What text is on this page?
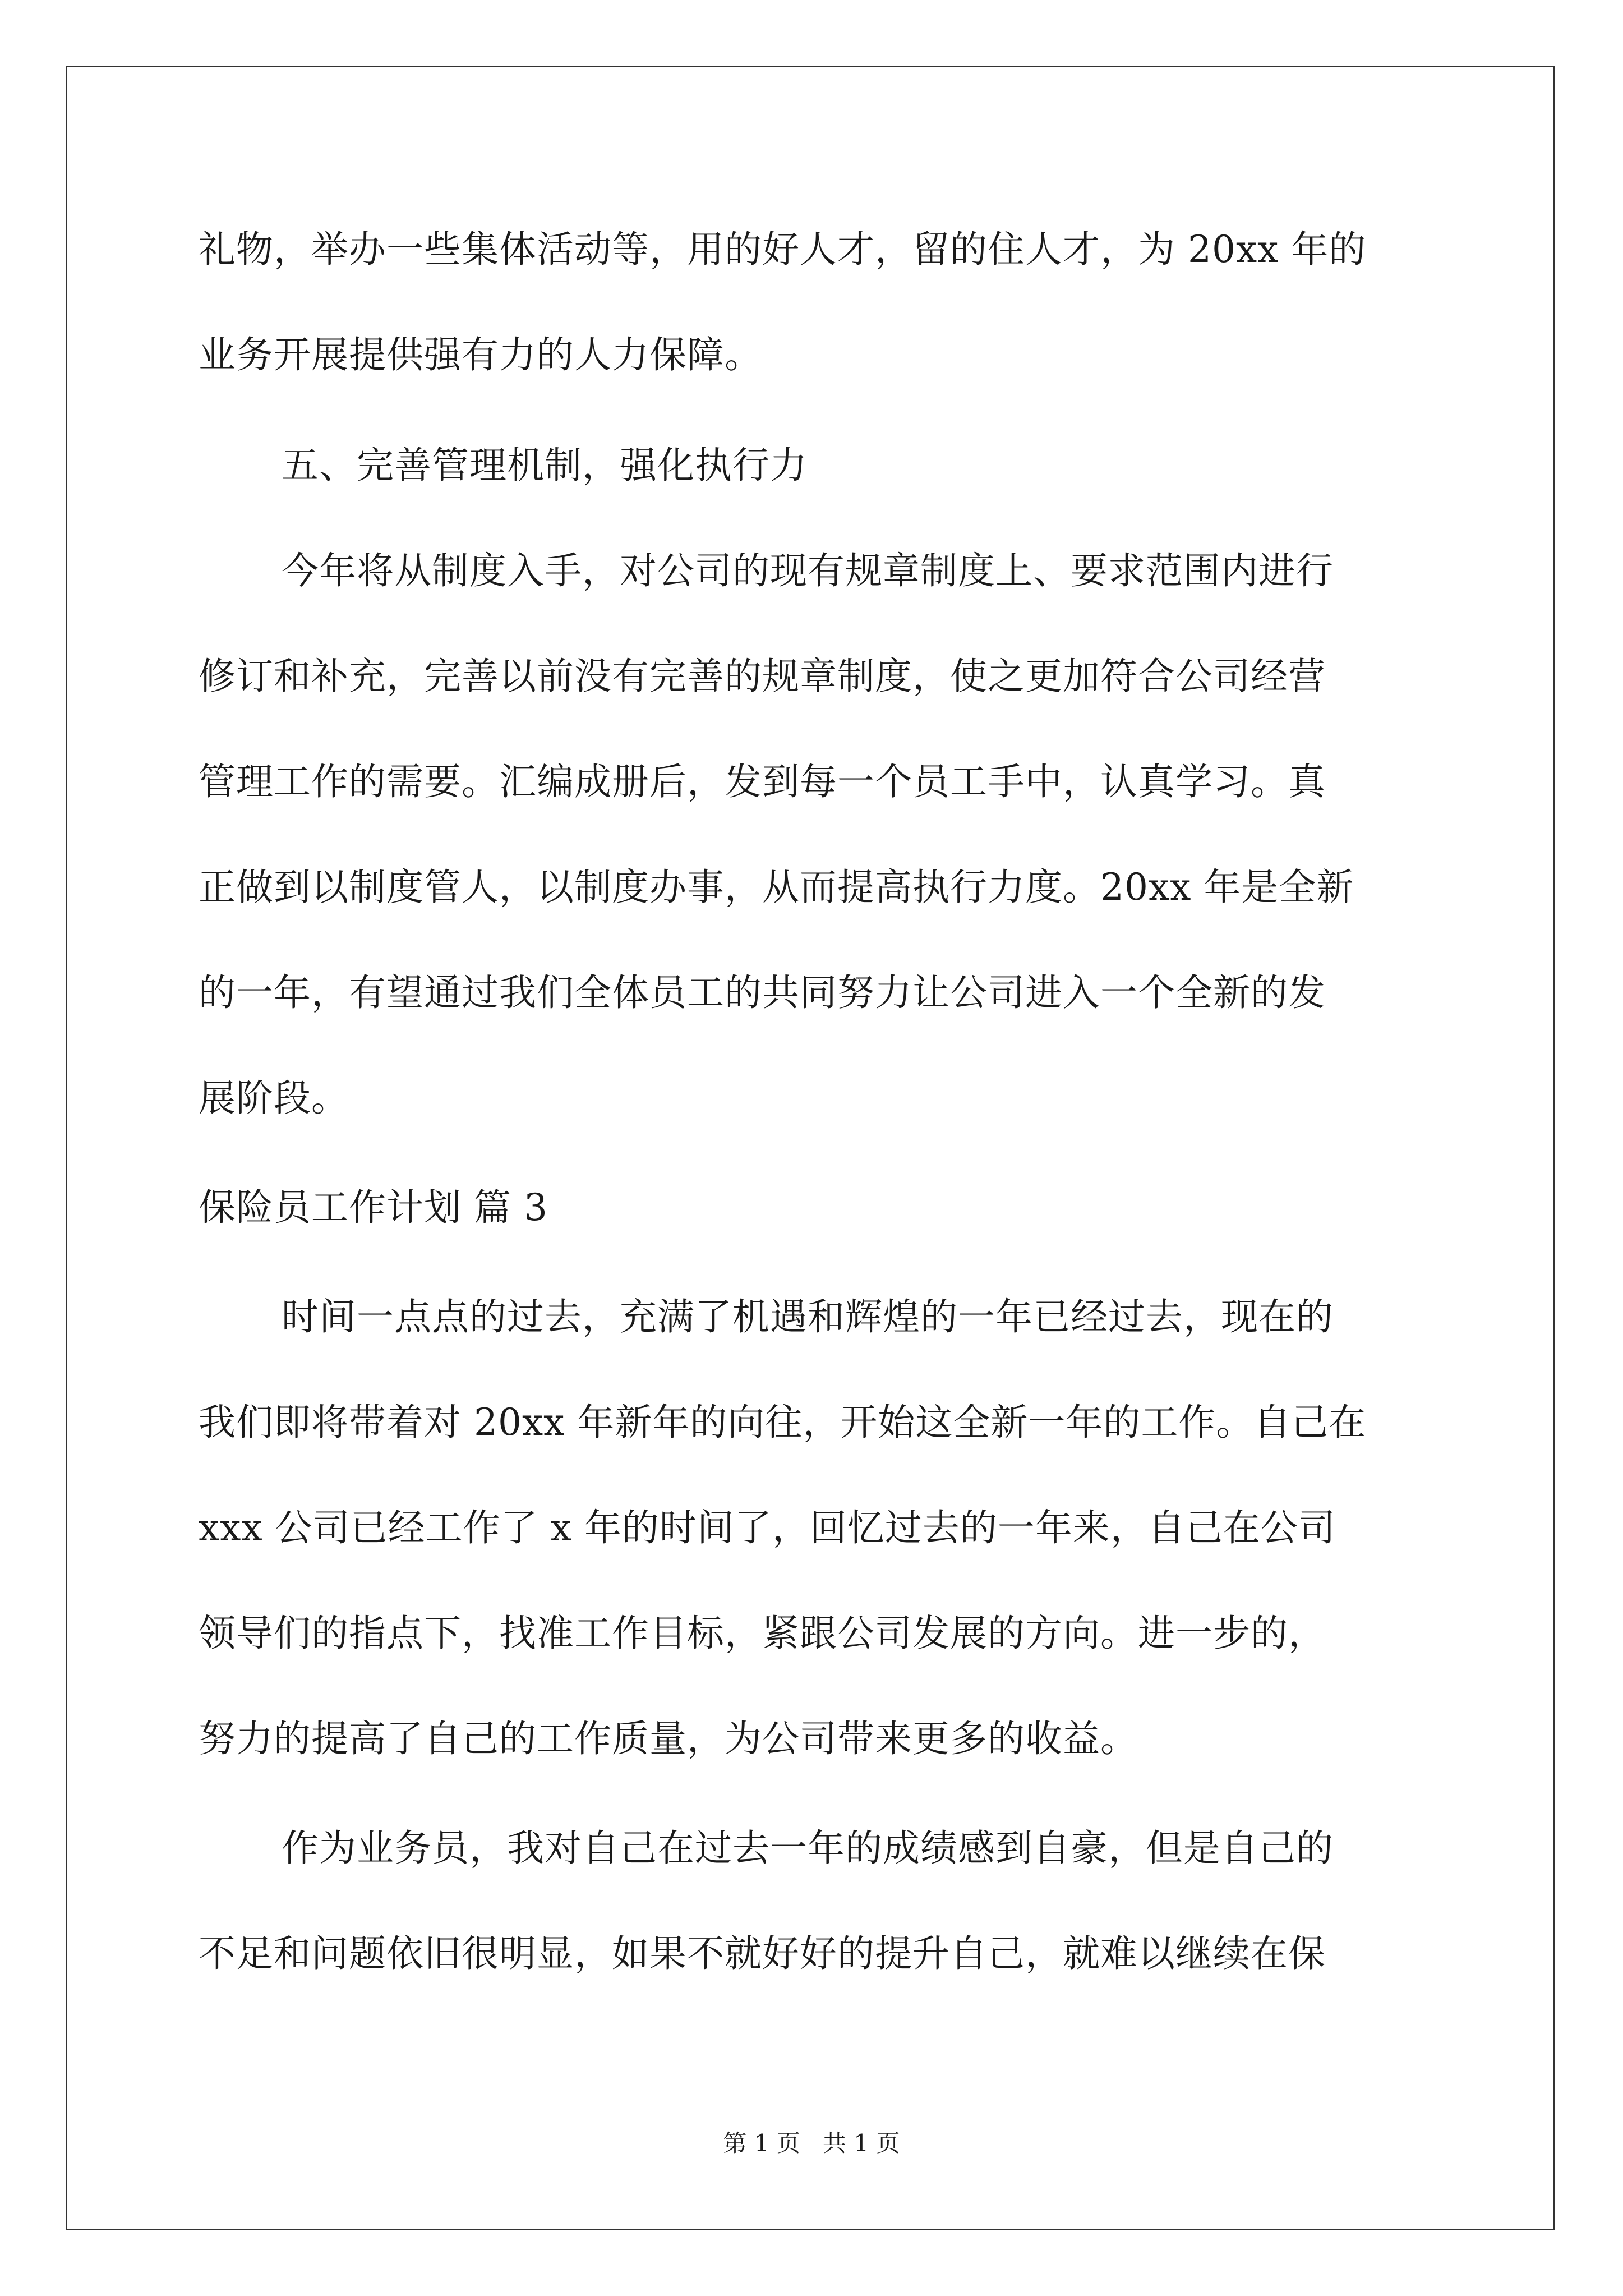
礼物，举办一些集体活动等，用的好人才，留的住人才，为 20xx 年的
业务开展提供强有力的人力保障。
五、完善管理机制，强化执行力
今年将从制度入手，对公司的现有规章制度上、要求范围内进行
修订和补充，完善以前没有完善的规章制度，使之更加符合公司经营
管理工作的需要。汇编成册后，发到每一个员工手中，认真学习。真
正做到以制度管人，以制度办事，从而提高执行力度。20xx 年是全新
的一年，有望通过我们全体员工的共同努力让公司进入一个全新的发
展阶段。
保险员工作计划 篇 3
时间一点点的过去，充满了机遇和辉煌的一年已经过去，现在的
我们即将带着对 20xx 年新年的向往，开始这全新一年的工作。自己在
xxx 公司已经工作了 x 年的时间了，回忆过去的一年来，自己在公司
领导们的指点下，找准工作目标，紧跟公司发展的方向。进一步的，
努力的提高了自己的工作质量，为公司带来更多的收益。
作为业务员，我对自己在过去一年的成绩感到自豪，但是自己的
不足和问题依旧很明显，如果不就好好的提升自己，就难以继续在保
第 1 页   共 1 页
